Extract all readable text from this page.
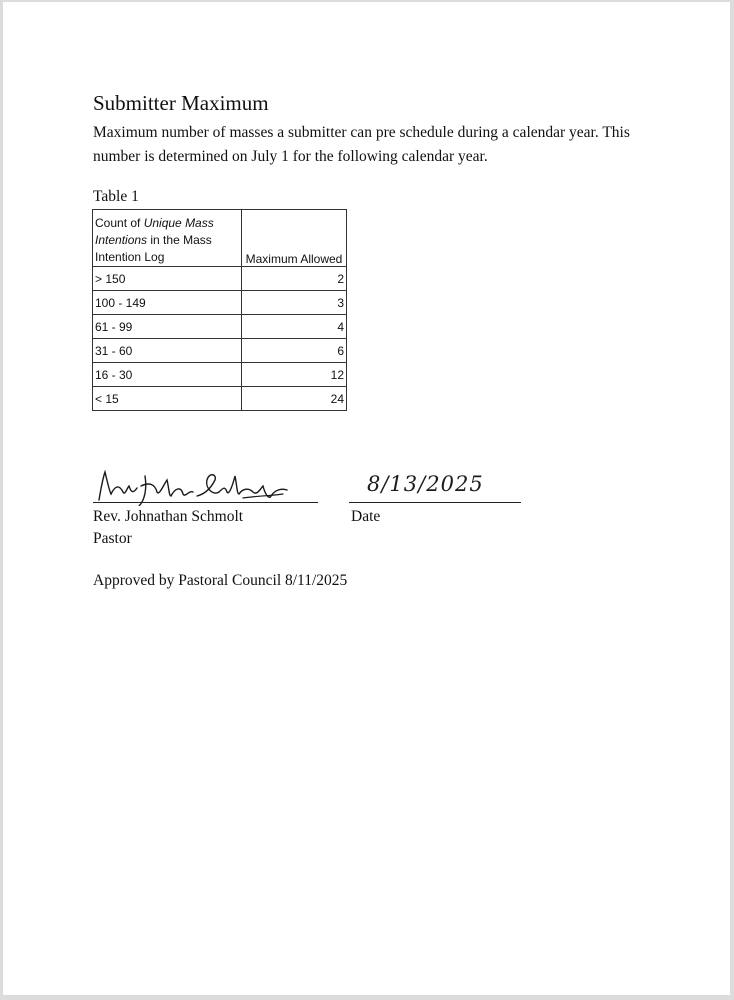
Submitter Maximum

Maximum number of masses a submitter can pre schedule during a calendar year. This number is determined on July 1 for the following calendar year.

Table 1
Count of Unique Mass Intentions in the Mass Intention Log	Maximum Allowed
> 150	2
100 - 149	3
61 - 99	4
31 - 60	6
16 - 30	12
< 15	24
Rev. Johnathan Schmolt
Pastor
8/13/2025
Date
Approved by Pastoral Council 8/11/2025
